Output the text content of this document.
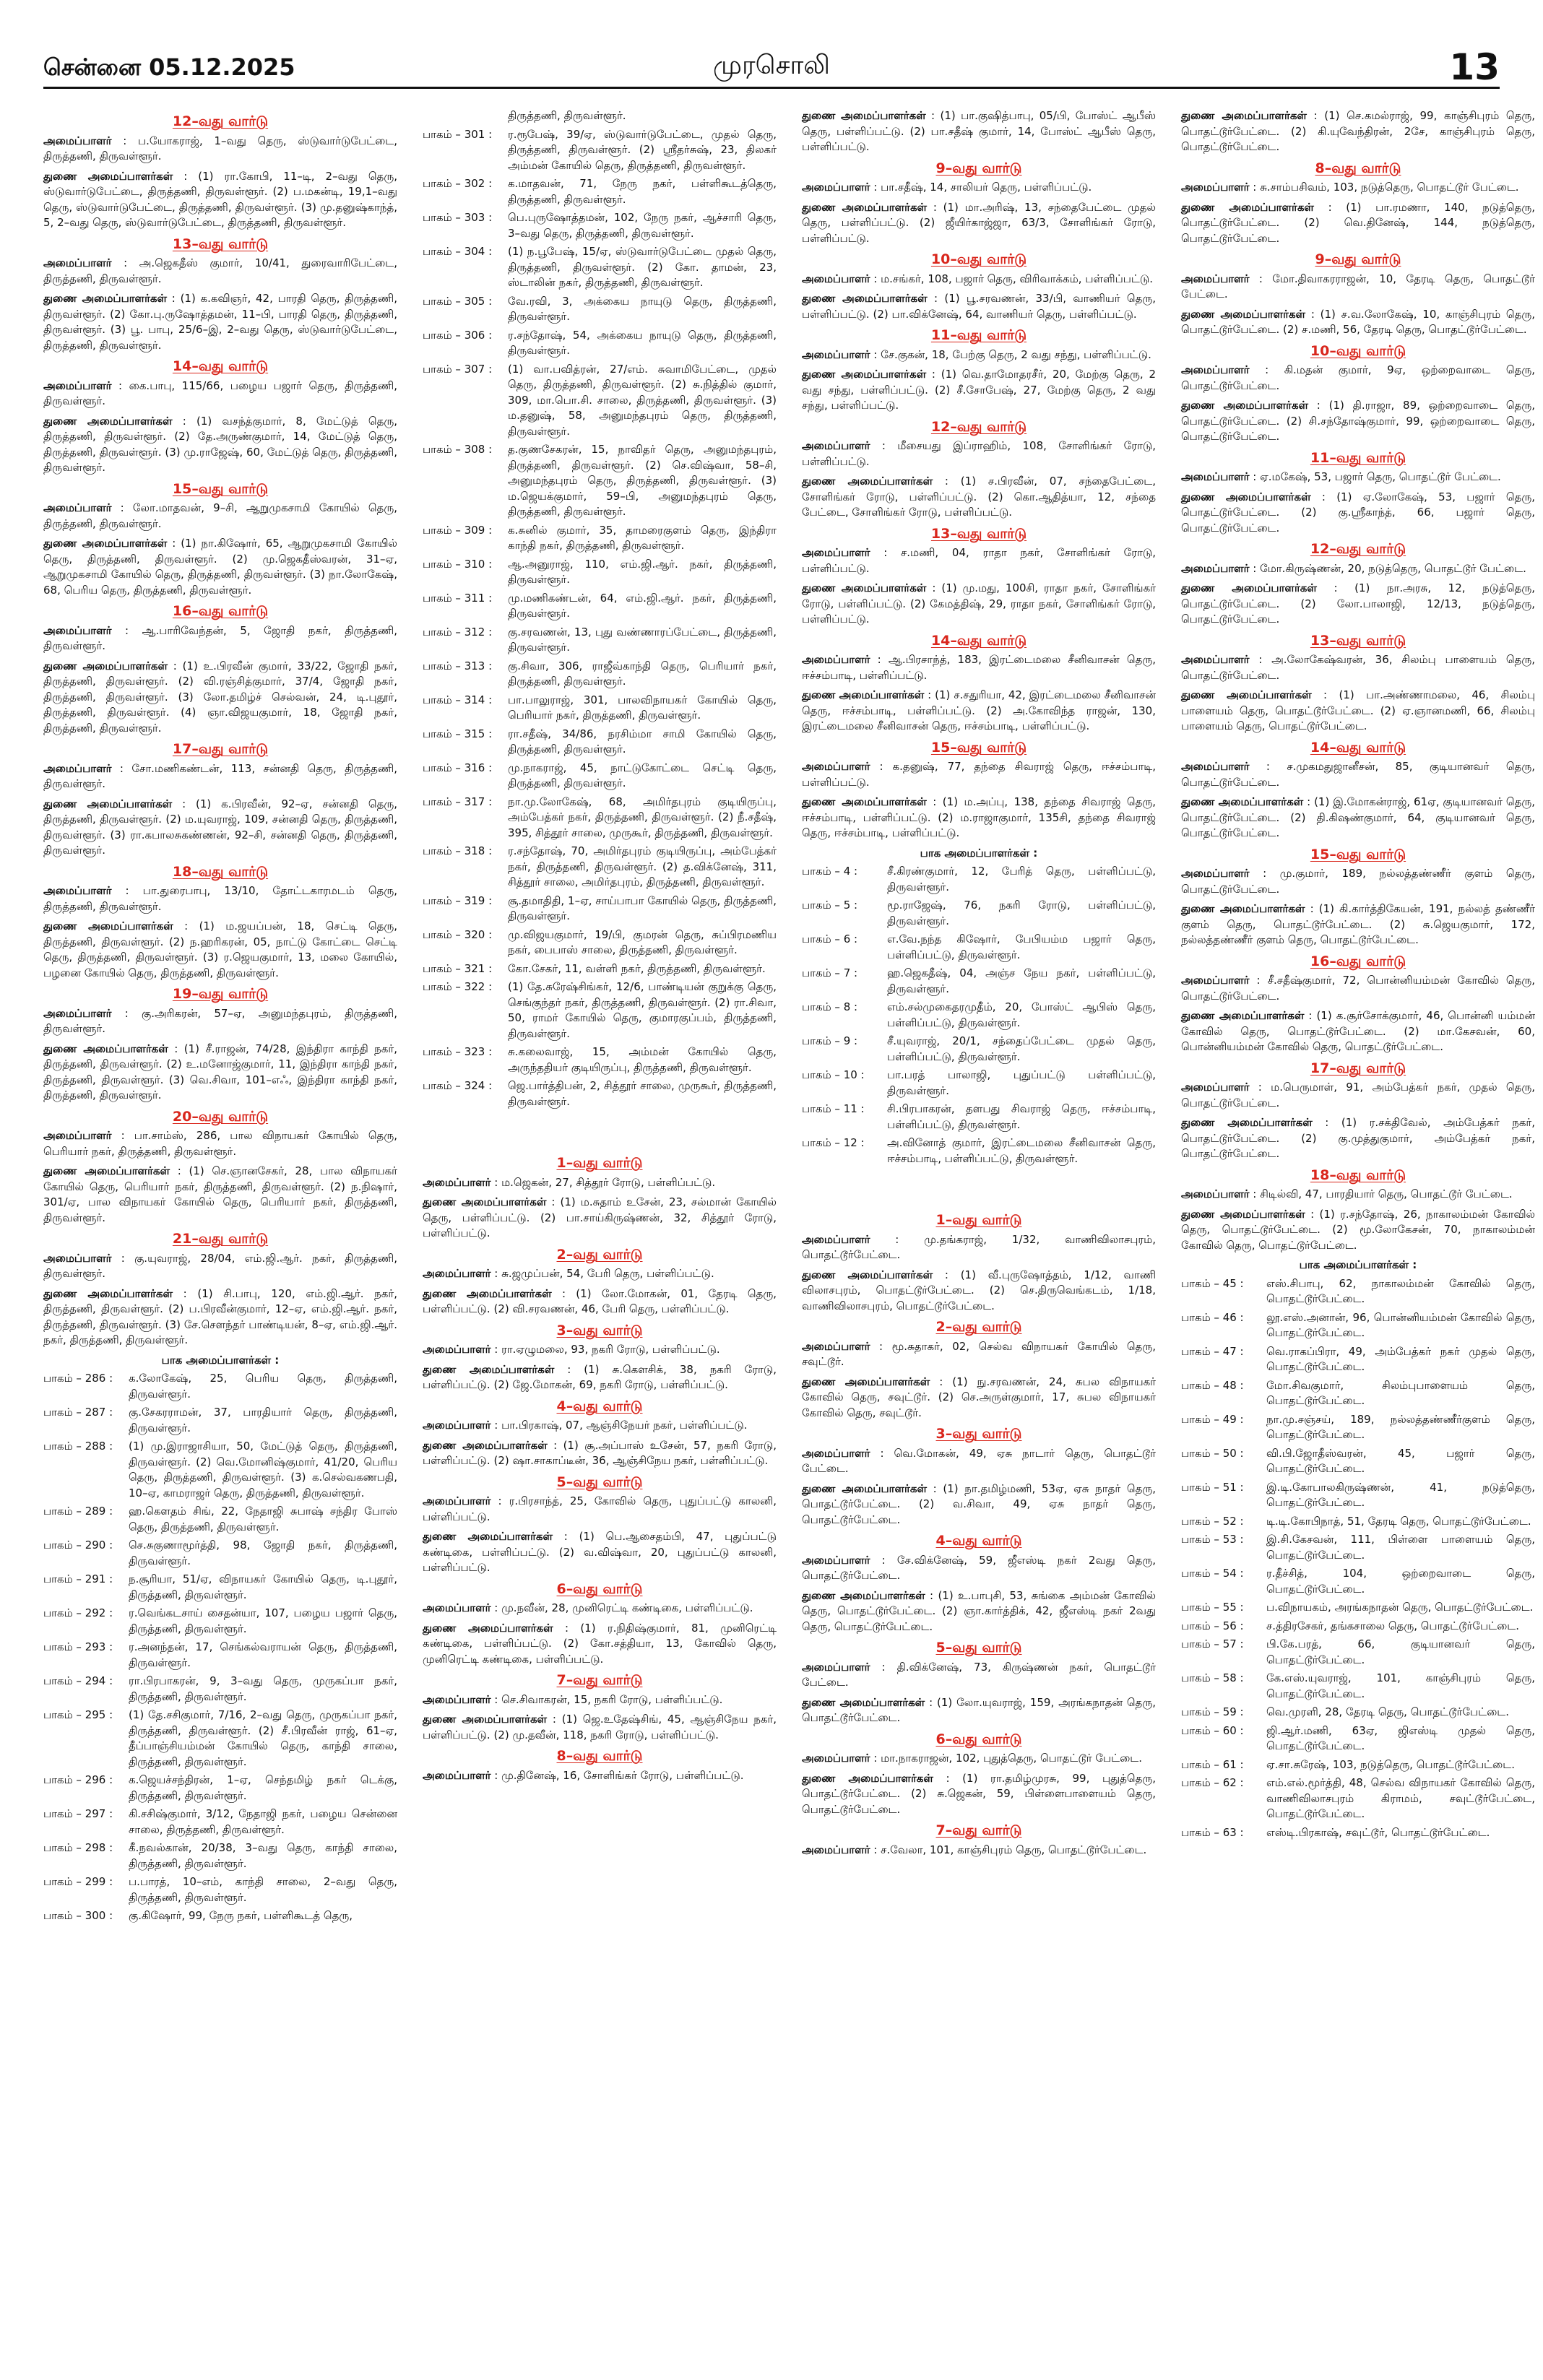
சென்னை 05.12.2025	முரசொலி	13
12–வது வார்டு
அமைப்பாளர் : ப.யோகராஜ், 1–வது தெரு, ஸ்டுவார்டுபேட்டை, திருத்தணி, திருவள்ளூர்.
துணை அமைப்பாளர்கள் : (1) ரா.கோபி, 11–டி, 2–வது தெரு, ஸ்டுவார்டுபேட்டை, திருத்தணி, திருவள்ளூர். (2) ப.மகன்டி, 19,1–வது தெரு, ஸ்டுவார்டுபேட்டை, திருத்தணி, திருவள்ளூர். (3) மு.தனுஷ்காந்த், 5, 2–வது தெரு, ஸ்டுவார்டுபேட்டை, திருத்தணி, திருவள்ளூர்.
13–வது வார்டு
அமைப்பாளர் : அ.ஜெகதீஸ் குமார், 10/41, துரைவாரிபேட்டை, திருத்தணி, திருவள்ளூர்.
துணை அமைப்பாளர்கள் : (1) க.கவிஞர், 42, பாரதி தெரு, திருத்தணி, திருவள்ளூர். (2) கோ.பு.ருஷோத்தமன், 11–பி, பாரதி தெரு, திருத்தணி, திருவள்ளூர். (3) பூ. பாபு, 25/6–இ, 2–வது தெரு, ஸ்டுவார்டுபேட்டை, திருத்தணி, திருவள்ளூர்.
14–வது வார்டு
அமைப்பாளர் : கை.பாபு, 115/66, பழைய பஜார் தெரு, திருத்தணி, திருவள்ளூர்.
துணை அமைப்பாளர்கள் : (1) வசந்த்குமார், 8, மேட்டுத் தெரு, திருத்தணி, திருவள்ளூர். (2) தே.அருண்குமார், 14, மேட்டுத் தெரு, திருத்தணி, திருவள்ளூர். (3) மு.ராஜேஷ், 60, மேட்டுத் தெரு, திருத்தணி, திருவள்ளூர்.
15–வது வார்டு
அமைப்பாளர் : லோ.மாதவன், 9–சி, ஆறுமுகசாமி கோயில் தெரு, திருத்தணி, திருவள்ளூர்.
துணை அமைப்பாளர்கள் : (1) நா.கிஷோர், 65, ஆறுமுகசாமி கோயில் தெரு, திருத்தணி, திருவள்ளூர். (2) மு.ஜெகதீஸ்வரன், 31–ஏ, ஆறுமுகசாமி கோயில் தெரு, திருத்தணி, திருவள்ளூர். (3) நா.லோகேஷ், 68, பெரிய தெரு, திருத்தணி, திருவள்ளூர்.
16–வது வார்டு
அமைப்பாளர் : ஆ.பாரிவேந்தன், 5, ஜோதி நகர், திருத்தணி, திருவள்ளூர்.
துணை அமைப்பாளர்கள் : (1) உ.பிரவீன் குமார், 33/22, ஜோதி நகர், திருத்தணி, திருவள்ளூர். (2) வி.ரஞ்சித்குமார், 37/4, ஜோதி நகர், திருத்தணி, திருவள்ளூர். (3) லோ.தமிழ்ச் செல்வன், 24, டி.புதூர், திருத்தணி, திருவள்ளூர். (4) ஞா.விஜயகுமார், 18, ஜோதி நகர், திருத்தணி, திருவள்ளூர்.
17–வது வார்டு
அமைப்பாளர் : சோ.மணிகண்டன், 113, சன்னதி தெரு, திருத்தணி, திருவள்ளூர்.
துணை அமைப்பாளர்கள் : (1) க.பிரவீன், 92–ஏ, சன்னதி தெரு, திருத்தணி, திருவள்ளூர். (2) ம.யுவராஜ், 109, சன்னதி தெரு, திருத்தணி, திருவள்ளூர். (3) ரா.கபாலசுகண்ணன், 92–சி, சன்னதி தெரு, திருத்தணி, திருவள்ளூர்.
18–வது வார்டு
அமைப்பாளர் : பா.துரைபாபு, 13/10, தோட்டகாரமடம் தெரு, திருத்தணி, திருவள்ளூர்.
துணை அமைப்பாளர்கள் : (1) ம.ஜயப்பன், 18, செட்டி தெரு, திருத்தணி, திருவள்ளூர். (2) ந.ஹரிகரன், 05, நாட்டு கோட்டை செட்டி தெரு, திருத்தணி, திருவள்ளூர். (3) ர.ஜெயகுமார், 13, மலை கோயில், பழனை கோயில் தெரு, திருத்தணி, திருவள்ளூர்.
19–வது வார்டு
அமைப்பாளர் : கு.அரிகரன், 57–ஏ, அனுமந்தபுரம், திருத்தணி, திருவள்ளூர்.
துணை அமைப்பாளர்கள் : (1) சீ.ராஜன், 74/28, இந்திரா காந்தி நகர், திருத்தணி, திருவள்ளூர். (2) உ.மனோஜ்குமார், 11, இந்திரா காந்தி நகர், திருத்தணி, திருவள்ளூர். (3) வெ.சிவா, 101–எஃ, இந்திரா காந்தி நகர், திருத்தணி, திருவள்ளூர்.
20–வது வார்டு
அமைப்பாளர் : பா.சாம்ஸ், 286, பால விநாயகர் கோயில் தெரு, பெரியார் நகர், திருத்தணி, திருவள்ளூர்.
துணை அமைப்பாளர்கள் : (1) செ.ஞானசேகர், 28, பால விநாயகர் கோயில் தெரு, பெரியார் நகர், திருத்தணி, திருவள்ளூர். (2) ந.நிஷார், 301/ஏ, பால விநாயகர் கோயில் தெரு, பெரியார் நகர், திருத்தணி, திருவள்ளூர்.
21–வது வார்டு
அமைப்பாளர் : கு.யுவராஜ், 28/04, எம்.ஜி.ஆர். நகர், திருத்தணி, திருவள்ளூர்.
துணை அமைப்பாளர்கள் : (1) சி.பாபு, 120, எம்.ஜி.ஆர். நகர், திருத்தணி, திருவள்ளூர். (2) ப.பிரவீன்குமார், 12–ஏ, எம்.ஜி.ஆர். நகர், திருத்தணி, திருவள்ளூர். (3) சே.சௌந்தர் பாண்டியன், 8–ஏ, எம்.ஜி.ஆர். நகர், திருத்தணி, திருவள்ளூர்.
பாக அமைப்பாளர்கள் :
பாகம் – 286 :	க.லோகேஷ், 25, பெரிய தெரு, திருத்தணி, திருவள்ளூர்.
பாகம் – 287 :	கு.சேகரராமன், 37, பாரதியார் தெரு, திருத்தணி, திருவள்ளூர்.
பாகம் – 288 :	(1) மு.இராஜாசியா, 50, மேட்டுத் தெரு, திருத்தணி, திருவள்ளூர். (2) வெ.மோனிஷ்குமார், 41/20, பெரிய தெரு, திருத்தணி, திருவள்ளூர். (3) க.செல்வகணபதி, 10–ஏ, காமராஜர் தெரு, திருத்தணி, திருவள்ளூர்.
பாகம் – 289 :	ஹ.கௌதம் சிங், 22, நேதாஜி சுபாஷ் சந்திர போஸ் தெரு, திருத்தணி, திருவள்ளூர்.
பாகம் – 290 :	செ.சுகுணாமூர்த்தி, 98, ஜோதி நகர், திருத்தணி, திருவள்ளூர்.
பாகம் – 291 :	ந.சூரியா, 51/ஏ, விநாயகர் கோயில் தெரு, டி.புதூர், திருத்தணி, திருவள்ளூர்.
பாகம் – 292 :	ர.வெங்கடசாய் சைதன்யா, 107, பழைய பஜார் தெரு, திருத்தணி, திருவள்ளூர்.
பாகம் – 293 :	ர.அனந்தன், 17, செங்கல்வராயன் தெரு, திருத்தணி, திருவள்ளூர்.
பாகம் – 294 :	ரா.பிரபாகரன், 9, 3–வது தெரு, முருகப்பா நகர், திருத்தணி, திருவள்ளூர்.
பாகம் – 295 :	(1) தே.சசிகுமார், 7/16, 2–வது தெரு, முருகப்பா நகர், திருத்தணி, திருவள்ளூர். (2) சீ.பிரவீன் ராஜ், 61–ஏ, தீப்பாஞ்சியம்மன் கோயில் தெரு, காந்தி சாலை, திருத்தணி, திருவள்ளூர்.
பாகம் – 296 :	க.ஜெயச்சந்திரன், 1–ஏ, செந்தமிழ் நகர் டெக்கு, திருத்தணி, திருவள்ளூர்.
பாகம் – 297 :	கி.சசிஷ்குமார், 3/12, நேதாஜி நகர், பழைய சென்னை சாலை, திருத்தணி, திருவள்ளூர்.
பாகம் – 298 :	கீ.நவல்கான், 20/38, 3–வது தெரு, காந்தி சாலை, திருத்தணி, திருவள்ளூர்.
பாகம் – 299 :	ப.பாரத், 10–எம், காந்தி சாலை, 2–வது தெரு, திருத்தணி, திருவள்ளூர்.
பாகம் – 300 :	கு.கிஷோர், 99, நேரு நகர், பள்ளிகூடத் தெரு,
திருத்தணி, திருவள்ளூர்.
பாகம் – 301 :	ர.ரூபேஷ், 39/ஏ, ஸ்டுவார்டுபேட்டை, முதல் தெரு, திருத்தணி, திருவள்ளூர். (2) ஸ்ரீதர்சுஷ், 23, திலகர் அம்மன் கோயில் தெரு, திருத்தணி, திருவள்ளூர்.
பாகம் – 302 :	க.மாதவன், 71, நேரு நகர், பள்ளிகூடத்தெரு, திருத்தணி, திருவள்ளூர்.
பாகம் – 303 :	பெ.புருஷோத்தமன், 102, நேரு நகர், ஆச்சாரி தெரு, 3–வது தெரு, திருத்தணி, திருவள்ளூர்.
பாகம் – 304 :	(1) ந.பூபேஷ், 15/ஏ, ஸ்டுவார்டுபேட்டை முதல் தெரு, திருத்தணி, திருவள்ளூர். (2) கோ. தாமன், 23, ஸ்டாலின் நகர், திருத்தணி, திருவள்ளூர்.
பாகம் – 305 :	வே.ரவி, 3, அக்கைய நாயுடு தெரு, திருத்தணி, திருவள்ளூர்.
பாகம் – 306 :	ர.சந்தோஷ், 54, அக்கைய நாயுடு தெரு, திருத்தணி, திருவள்ளூர்.
பாகம் – 307 :	(1) வா.பவித்ரன், 27/எம். சுவாமிபேட்டை, முதல் தெரு, திருத்தணி, திருவள்ளூர். (2) சு.நித்தில் குமார், 309, மா.பொ.சி. சாலை, திருத்தணி, திருவள்ளூர். (3) ம.தனுஷ், 58, அனுமந்தபுரம் தெரு, திருத்தணி, திருவள்ளூர்.
பாகம் – 308 :	த.குணசேகரன், 15, நாவிதர் தெரு, அனுமந்தபுரம், திருத்தணி, திருவள்ளூர். (2) செ.விஷ்வா, 58–சி, அனுமந்தபுரம் தெரு, திருத்தணி, திருவள்ளூர். (3) ம.ஜெயக்குமார், 59–பி, அனுமந்தபுரம் தெரு, திருத்தணி, திருவள்ளூர்.
பாகம் – 309 :	க.சுனில் குமார், 35, தாமரைகுளம் தெரு, இந்திரா காந்தி நகர், திருத்தணி, திருவள்ளூர்.
பாகம் – 310 :	ஆ.அனுராஜ், 110, எம்.ஜி.ஆர். நகர், திருத்தணி, திருவள்ளூர்.
பாகம் – 311 :	மு.மணிகண்டன், 64, எம்.ஜி.ஆர். நகர், திருத்தணி, திருவள்ளூர்.
பாகம் – 312 :	கு.சரவணன், 13, புது வண்ணாரப்பேட்டை, திருத்தணி, திருவள்ளூர்.
பாகம் – 313 :	கு.சிவா, 306, ராஜீவ்காந்தி தெரு, பெரியார் நகர், திருத்தணி, திருவள்ளூர்.
பாகம் – 314 :	பா.பாலுராஜ், 301, பாலவிநாயகர் கோயில் தெரு, பெரியார் நகர், திருத்தணி, திருவள்ளூர்.
பாகம் – 315 :	ரா.சதீஷ், 34/86, நரசிம்மா சாமி கோயில் தெரு, திருத்தணி, திருவள்ளூர்.
பாகம் – 316 :	மு.நாகராஜ், 45, நாட்டுகோட்டை செட்டி தெரு, திருத்தணி, திருவள்ளூர்.
பாகம் – 317 :	நா.மு.லோகேஷ், 68, அமிர்தபுரம் குடியிருப்பு, அம்பேத்கர் நகர், திருத்தணி, திருவள்ளூர். (2) நீ.சதீஷ், 395, சித்தூர் சாலை, முருகூர், திருத்தணி, திருவள்ளூர்.
பாகம் – 318 :	ர.சந்தோஷ், 70, அமிர்தபுரம் குடியிருப்பு, அம்பேத்கர் நகர், திருத்தணி, திருவள்ளூர். (2) த.விக்னேஷ், 311, சித்தூர் சாலை, அமிர்தபுரம், திருத்தணி, திருவள்ளூர்.
பாகம் – 319 :	சூ.தமாதிதி, 1–ஏ, சாய்பாபா கோயில் தெரு, திருத்தணி, திருவள்ளூர்.
பாகம் – 320 :	மு.விஜயகுமார், 19/பி, குமரன் தெரு, சுப்பிரமணிய நகர், பைபாஸ் சாலை, திருத்தணி, திருவள்ளூர்.
பாகம் – 321 :	கோ.சேகர், 11, வள்ளி நகர், திருத்தணி, திருவள்ளூர்.
பாகம் – 322 :	(1) தே.சுரேஷ்சிங்கர், 12/6, பாண்டியன் குறுக்கு தெரு, செங்குந்தர் நகர், திருத்தணி, திருவள்ளூர். (2) ரா.சிவா, 50, ராமர் கோயில் தெரு, குமாரகுப்பம், திருத்தணி, திருவள்ளூர்.
பாகம் – 323 :	சு.கலைவாஜ், 15, அம்மன் கோயில் தெரு, அருந்ததியர் குடியிருப்பு, திருத்தணி, திருவள்ளூர்.
பாகம் – 324 :	ஜெ.பார்த்திபன், 2, சித்தூர் சாலை, முருகூர், திருத்தணி, திருவள்ளூர்.
1–வது வார்டு
அமைப்பாளர் : ம.ஜெகன், 27, சித்தூர் ரோடு, பள்ளிப்பட்டு.
துணை அமைப்பாளர்கள் : (1) ம.சுதாம் உசேன், 23, சல்மான் கோயில் தெரு, பள்ளிப்பட்டு. (2) பா.சாய்கிருஷ்ணன், 32, சித்தூர் ரோடு, பள்ளிப்பட்டு.
2–வது வார்டு
அமைப்பாளர் : சு.ஜமுப்பன், 54, பேரி தெரு, பள்ளிப்பட்டு.
துணை அமைப்பாளர்கள் : (1) லோ.மோகன், 01, தேரடி தெரு, பள்ளிப்பட்டு. (2) வி.சரவணன், 46, பேரி தெரு, பள்ளிப்பட்டு.
3–வது வார்டு
அமைப்பாளர் : ரா.ஏழுமலை, 93, நகரி ரோடு, பள்ளிப்பட்டு.
துணை அமைப்பாளர்கள் : (1) சு.கௌசிக், 38, நகரி ரோடு, பள்ளிப்பட்டு. (2) ஜே.மோகன், 69, நகரி ரோடு, பள்ளிப்பட்டு.
4–வது வார்டு
அமைப்பாளர் : பா.பிரகாஷ், 07, ஆஞ்சிநேயர் நகர், பள்ளிப்பட்டு.
துணை அமைப்பாளர்கள் : (1) சூ.அப்பாஸ் உசேன், 57, நகரி ரோடு, பள்ளிப்பட்டு. (2) ஷா.சாகாப்டீன், 36, ஆஞ்சிநேய நகர், பள்ளிப்பட்டு.
5–வது வார்டு
அமைப்பாளர் : ர.பிரசாந்த், 25, கோவில் தெரு, புதுப்பட்டு காலனி, பள்ளிப்பட்டு.
துணை அமைப்பாளர்கள் : (1) பெ.ஆசைதம்பி, 47, புதுப்பட்டு கண்டிகை, பள்ளிப்பட்டு. (2) வ.விஷ்வா, 20, புதுப்பட்டு காலனி, பள்ளிப்பட்டு.
6–வது வார்டு
அமைப்பாளர் : மு.நவீன், 28, முனிரெட்டி கண்டிகை, பள்ளிப்பட்டு.
துணை அமைப்பாளர்கள் : (1) ர.நிதிஷ்குமார், 81, முனிரெட்டி கண்டிகை, பள்ளிப்பட்டு. (2) கோ.சத்தியா, 13, கோவில் தெரு, முனிரெட்டி கண்டிகை, பள்ளிப்பட்டு.
7–வது வார்டு
அமைப்பாளர் : செ.சிவாகரன், 15, நகரி ரோடு, பள்ளிப்பட்டு.
துணை அமைப்பாளர்கள் : (1) ஜெ.உதேஷ்சிங், 45, ஆஞ்சிநேய நகர், பள்ளிப்பட்டு. (2) மு.தவீன், 118, நகரி ரோடு, பள்ளிப்பட்டு.
8–வது வார்டு
அமைப்பாளர் : மு.தினேஷ், 16, சோளிங்கர் ரோடு, பள்ளிப்பட்டு.
துணை அமைப்பாளர்கள் : (1) பா.குஷித்பாபு, 05/பி, போஸ்ட் ஆபீஸ் தெரு, பள்ளிப்பட்டு. (2) பா.சதீஷ் குமார், 14, போஸ்ட் ஆபீஸ் தெரு, பள்ளிப்பட்டு.
9–வது வார்டு
அமைப்பாளர் : பா.சதீஷ், 14, சாலியர் தெரு, பள்ளிப்பட்டு.
துணை அமைப்பாளர்கள் : (1) மா.அரிஷ், 13, சந்தைபேட்டை முதல் தெரு, பள்ளிப்பட்டு. (2) ஜீயிர்காஜ்ஜா, 63/3, சோளிங்கர் ரோடு, பள்ளிப்பட்டு.
10–வது வார்டு
அமைப்பாளர் : ம.சங்கர், 108, பஜார் தெரு, விரிவாக்கம், பள்ளிப்பட்டு.
துணை அமைப்பாளர்கள் : (1) பூ.சரவணன், 33/பி, வாணியர் தெரு, பள்ளிப்பட்டு. (2) பா.விக்னேஷ், 64, வாணியர் தெரு, பள்ளிப்பட்டு.
11–வது வார்டு
அமைப்பாளர் : சே.குகன், 18, பேற்கு தெரு, 2 வது சந்து, பள்ளிப்பட்டு.
துணை அமைப்பாளர்கள் : (1) வெ.தாமோதரசீர், 20, மேற்கு தெரு, 2 வது சந்து, பள்ளிப்பட்டு. (2) சீ.சோபேஷ், 27, மேற்கு தெரு, 2 வது சந்து, பள்ளிப்பட்டு.
12–வது வார்டு
அமைப்பாளர் : மீசையது இப்ராஹிம், 108, சோளிங்கர் ரோடு, பள்ளிப்பட்டு.
துணை அமைப்பாளர்கள் : (1) ச.பிரவீன், 07, சந்தைபேட்டை, சோளிங்கர் ரோடு, பள்ளிப்பட்டு. (2) கொ.ஆதித்யா, 12, சந்தை பேட்டை, சோளிங்கர் ரோடு, பள்ளிப்பட்டு.
13–வது வார்டு
அமைப்பாளர் : ச.மணி, 04, ராதா நகர், சோளிங்கர் ரோடு, பள்ளிப்பட்டு.
துணை அமைப்பாளர்கள் : (1) மு.மது, 100சி, ராதா நகர், சோளிங்கர் ரோடு, பள்ளிப்பட்டு. (2) கேமத்திஷ், 29, ராதா நகர், சோளிங்கர் ரோடு, பள்ளிப்பட்டு.
14–வது வார்டு
அமைப்பாளர் : ஆ.பிரசாந்த், 183, இரட்டைமலை சீனிவாசன் தெரு, ஈச்சம்பாடி, பள்ளிப்பட்டு.
துணை அமைப்பாளர்கள் : (1) ச.சதுரியா, 42, இரட்டைமலை சீனிவாசன் தெரு, ஈச்சம்பாடி, பள்ளிப்பட்டு. (2) அ.கோவிந்த ராஜன், 130, இரட்டைமலை சீனிவாசன் தெரு, ஈச்சம்பாடி, பள்ளிப்பட்டு.
15–வது வார்டு
அமைப்பாளர் : க.தனுஷ், 77, தந்தை சிவராஜ் தெரு, ஈச்சம்பாடி, பள்ளிப்பட்டு.
துணை அமைப்பாளர்கள் : (1) ம.அப்பு, 138, தந்தை சிவராஜ் தெரு, ஈச்சம்பாடி, பள்ளிப்பட்டு. (2) ம.ராஜாகுமார், 135சி, தந்தை சிவராஜ் தெரு, ஈச்சம்பாடி, பள்ளிப்பட்டு.
பாக அமைப்பாளர்கள் :
பாகம் – 4 :	சீ.கிரண்குமார், 12, பேரித் தெரு, பள்ளிப்பட்டு, திருவள்ளூர்.
பாகம் – 5 :	மூ.ராஜேஷ், 76, நகரி ரோடு, பள்ளிப்பட்டு, திருவள்ளூர்.
பாகம் – 6 :	எ.வே.நந்த கிஷோர், பேபியம்ம பஜார் தெரு, பள்ளிப்பட்டு, திருவள்ளூர்.
பாகம் – 7 :	ஹ.ஜெகதீஷ், 04, அஞ்ச நேய நகர், பள்ளிப்பட்டு, திருவள்ளூர்.
பாகம் – 8 :	எம்.சல்முகைதரமுதீம், 20, போஸ்ட் ஆபிஸ் தெரு, பள்ளிப்பட்டு, திருவள்ளூர்.
பாகம் – 9 :	சீ.யுவராஜ், 20/1, சந்தைப்பேட்டை முதல் தெரு, பள்ளிப்பட்டு, திருவள்ளூர்.
பாகம் – 10 :	பா.பரத் பாலாஜி, புதுப்பட்டு பள்ளிப்பட்டு, திருவள்ளூர்.
பாகம் – 11 :	சி.பிரபாகரன், தளபது சிவராஜ் தெரு, ஈச்சம்பாடி, பள்ளிப்பட்டு, திருவள்ளூர்.
பாகம் – 12 :	அ.வினோத் குமார், இரட்டைமலை சீனிவாசன் தெரு, ஈச்சம்பாடி, பள்ளிப்பட்டு, திருவள்ளூர்.
1–வது வார்டு
அமைப்பாளர் : மு.தங்கராஜ், 1/32, வாணிவிலாசபுரம், பொதட்டூர்பேட்டை.
துணை அமைப்பாளர்கள் : (1) வீ.புருஷோத்தம், 1/12, வாணி விலாசபுரம், பொதட்டூர்பேட்டை. (2) செ.திருவெங்கடம், 1/18, வாணிவிலாசபுரம், பொதட்டூர்பேட்டை.
2–வது வார்டு
அமைப்பாளர் : மூ.சுதாகர், 02, செல்வ விநாயகர் கோயில் தெரு, சவுட்டூர்.
துணை அமைப்பாளர்கள் : (1) நு.சரவணன், 24, சுபல விநாயகர் கோவில் தெரு, சவுட்டூர். (2) செ.அருள்குமார், 17, சுபல விநாயகர் கோவில் தெரு, சவுட்டூர்.
3–வது வார்டு
அமைப்பாளர் : வெ.மோகன், 49, ஏசு நாடார் தெரு, பொதட்டூர் பேட்டை.
துணை அமைப்பாளர்கள் : (1) நா.தமிழ்மணி, 53ஏ, ஏசு நாதர் தெரு, பொதட்டூர்பேட்டை. (2) வ.சிவா, 49, ஏசு நாதர் தெரு, பொதட்டூர்பேட்டை.
4–வது வார்டு
அமைப்பாளர் : சே.விக்னேஷ், 59, ஜீஎஸ்டி நகர் 2வது தெரு, பொதட்டூர்பேட்டை.
துணை அமைப்பாளர்கள் : (1) உ.பாபுசி, 53, சுங்கை அம்மன் கோவில் தெரு, பொதட்டூர்பேட்டை. (2) ஞா.கார்த்திக், 42, ஜீஎஸ்டி நகர் 2வது தெரு, பொதட்டூர்பேட்டை.
5–வது வார்டு
அமைப்பாளர் : தி.விக்னேஷ், 73, கிருஷ்ணன் நகர், பொதட்டூர் பேட்டை.
துணை அமைப்பாளர்கள் : (1) லோ.யுவராஜ், 159, அரங்கநாதன் தெரு, பொதட்டூர்பேட்டை.
6–வது வார்டு
அமைப்பாளர் : மா.நாகராஜன், 102, புதுத்தெரு, பொதட்டூர் பேட்டை.
துணை அமைப்பாளர்கள் : (1) ரா.தமிழ்முரசு, 99, புதுத்தெரு, பொதட்டூர்பேட்டை. (2) சு.ஜெகன், 59, பிள்ளைபாளையம் தெரு, பொதட்டூர்பேட்டை.
7–வது வார்டு
அமைப்பாளர் : ச.வேலா, 101, காஞ்சிபுரம் தெரு, பொதட்டூர்பேட்டை.
துணை அமைப்பாளர்கள் : (1) செ.கமல்ராஜ், 99, காஞ்சிபுரம் தெரு, பொதட்டூர்பேட்டை. (2) கி.யுவேந்திரன், 2சே, காஞ்சிபுரம் தெரு, பொதட்டூர்பேட்டை.
8–வது வார்டு
அமைப்பாளர் : சு.சாம்பசிவம், 103, நடுத்தெரு, பொதட்டூர் பேட்டை.
துணை அமைப்பாளர்கள் : (1) பா.ரமணா, 140, நடுத்தெரு, பொதட்டூர்பேட்டை. (2) வெ.தினேஷ், 144, நடுத்தெரு, பொதட்டூர்பேட்டை.
9–வது வார்டு
அமைப்பாளர் : மோ.திவாகரராஜன், 10, தேரடி தெரு, பொதட்டூர் பேட்டை.
துணை அமைப்பாளர்கள் : (1) ச.வ.லோகேஷ், 10, காஞ்சிபுரம் தெரு, பொதட்டூர்பேட்டை. (2) ச.மணி, 56, தேரடி தெரு, பொதட்டூர்பேட்டை.
10–வது வார்டு
அமைப்பாளர் : கி.மதன் குமார், 9ஏ, ஒற்றைவாடை தெரு, பொதட்டூர்பேட்டை.
துணை அமைப்பாளர்கள் : (1) தி.ராஜா, 89, ஒற்றைவாடை தெரு, பொதட்டூர்பேட்டை. (2) சி.சந்தோஷ்குமார், 99, ஒற்றைவாடை தெரு, பொதட்டூர்பேட்டை.
11–வது வார்டு
அமைப்பாளர் : ஏ.மகேஷ், 53, பஜார் தெரு, பொதட்டூர் பேட்டை.
துணை அமைப்பாளர்கள் : (1) ஏ.லோகேஷ், 53, பஜார் தெரு, பொதட்டூர்பேட்டை. (2) கு.ஸ்ரீகாந்த், 66, பஜார் தெரு, பொதட்டூர்பேட்டை.
12–வது வார்டு
அமைப்பாளர் : மோ.கிருஷ்ணன், 20, நடுத்தெரு, பொதட்டூர் பேட்டை.
துணை அமைப்பாளர்கள் : (1) நா.அரசு, 12, நடுத்தெரு, பொதட்டூர்பேட்டை. (2) லோ.பாலாஜி, 12/13, நடுத்தெரு, பொதட்டூர்பேட்டை.
13–வது வார்டு
அமைப்பாளர் : அ.லோகேஷ்வரன், 36, சிலம்பு பாளையம் தெரு, பொதட்டூர்பேட்டை.
துணை அமைப்பாளர்கள் : (1) பா.அண்ணாமலை, 46, சிலம்பு பாளையம் தெரு, பொதட்டூர்பேட்டை. (2) ஏ.ஞானமணி, 66, சிலம்பு பாளையம் தெரு, பொதட்டூர்பேட்டை.
14–வது வார்டு
அமைப்பாளர் : ச.முகமதுஜானீசன், 85, குடியானவர் தெரு, பொதட்டூர்பேட்டை.
துணை அமைப்பாளர்கள் : (1) இ.மோகன்ராஜ், 61ஏ, குடியானவர் தெரு, பொதட்டூர்பேட்டை. (2) தி.கிஷண்குமார், 64, குடியானவர் தெரு, பொதட்டூர்பேட்டை.
15–வது வார்டு
அமைப்பாளர் : மு.குமார், 189, நல்லத்தண்ணீர் குளம் தெரு, பொதட்டூர்பேட்டை.
துணை அமைப்பாளர்கள் : (1) கி.கார்த்திகேயன், 191, நல்லத் தண்ணீர் குளம் தெரு, பொதட்டூர்பேட்டை. (2) சு.ஜெயகுமார், 172, நல்லத்தண்ணீர் குளம் தெரு, பொதட்டூர்பேட்டை.
16–வது வார்டு
அமைப்பாளர் : சீ.சதீஷ்குமார், 72, பொன்னியம்மன் கோவில் தெரு, பொதட்டூர்பேட்டை.
துணை அமைப்பாளர்கள் : (1) க.சூர்சோக்குமார், 46, பொன்னி யம்மன் கோவில் தெரு, பொதட்டூர்பேட்டை. (2) மா.கேசவன், 60, பொன்னியம்மன் கோவில் தெரு, பொதட்டூர்பேட்டை.
17–வது வார்டு
அமைப்பாளர் : ம.பெருமாள், 91, அம்பேத்கர் நகர், முதல் தெரு, பொதட்டூர்பேட்டை.
துணை அமைப்பாளர்கள் : (1) ர.சக்திவேல், அம்பேத்கர் நகர், பொதட்டூர்பேட்டை. (2) கு.முத்துகுமார், அம்பேத்கர் நகர், பொதட்டூர்பேட்டை.
18–வது வார்டு
அமைப்பாளர் : சிடில்வி, 47, பாரதியார் தெரு, பொதட்டூர் பேட்டை.
துணை அமைப்பாளர்கள் : (1) ர.சந்தோஷ், 26, நாகாலம்மன் கோவில் தெரு, பொதட்டூர்பேட்டை. (2) மூ.லோகேசன், 70, நாகாலம்மன் கோவில் தெரு, பொதட்டூர்பேட்டை.
பாக அமைப்பாளர்கள் :
பாகம் – 45 :	எஸ்.சிபாபு, 62, நாகாலம்மன் கோவில் தெரு, பொதட்டூர்பேட்டை.
பாகம் – 46 :	லூ.எஸ்.அனான், 96, பொன்னியம்மன் கோவில் தெரு, பொதட்டூர்பேட்டை.
பாகம் – 47 :	வெ.ராகப்பிரா, 49, அம்பேத்கர் நகர் முதல் தெரு, பொதட்டூர்பேட்டை.
பாகம் – 48 :	மோ.சிவகுமார், சிலம்புபாளையம் தெரு, பொதட்டூர்பேட்டை.
பாகம் – 49 :	நா.மு.சஞ்சய், 189, நல்லத்தண்ணீர்குளம் தெரு, பொதட்டூர்பேட்டை.
பாகம் – 50 :	வி.பி.ஜோதீஸ்வரன், 45, பஜார் தெரு, பொதட்டூர்பேட்டை.
பாகம் – 51 :	இ.டி.கோபாலகிருஷ்ணன், 41, நடுத்தெரு, பொதட்டூர்பேட்டை.
பாகம் – 52 :	டி.டி.கோபிநாத், 51, தேரடி தெரு, பொதட்டூர்பேட்டை.
பாகம் – 53 :	இ.சி.கேசவன், 111, பிள்ளை பாளையம் தெரு, பொதட்டூர்பேட்டை.
பாகம் – 54 :	ர.தீச்சித், 104, ஒற்றைவாடை தெரு, பொதட்டூர்பேட்டை.
பாகம் – 55 :	ப.விநாயகம், அரங்கநாதன் தெரு, பொதட்டூர்பேட்டை.
பாகம் – 56 :	ச.த்திரசேகர், தங்கசாலை தெரு, பொதட்டூர்பேட்டை.
பாகம் – 57 :	பி.கே.பரத், 66, குடியானவர் தெரு, பொதட்டூர்பேட்டை.
பாகம் – 58 :	கே.எஸ்.யுவராஜ், 101, காஞ்சிபுரம் தெரு, பொதட்டூர்பேட்டை.
பாகம் – 59 :	வெ.முரளி, 28, தேரடி தெரு, பொதட்டூர்பேட்டை.
பாகம் – 60 :	ஜி.ஆர்.மணி, 63ஏ, ஜிஎஸ்டி முதல் தெரு, பொதட்டூர்பேட்டை.
பாகம் – 61 :	ஏ.சா.சுரேஷ், 103, நடுத்தெரு, பொதட்டூர்பேட்டை.
பாகம் – 62 :	எம்.எல்.மூர்த்தி, 48, செல்வ விநாயகர் கோவில் தெரு, வாணிவிலாசபுரம் கிராமம், சவுட்டூர்பேட்டை, பொதட்டூர்பேட்டை.
பாகம் – 63 :	எஸ்டி.பிரகாஷ், சவுட்டூர், பொதட்டூர்பேட்டை.
